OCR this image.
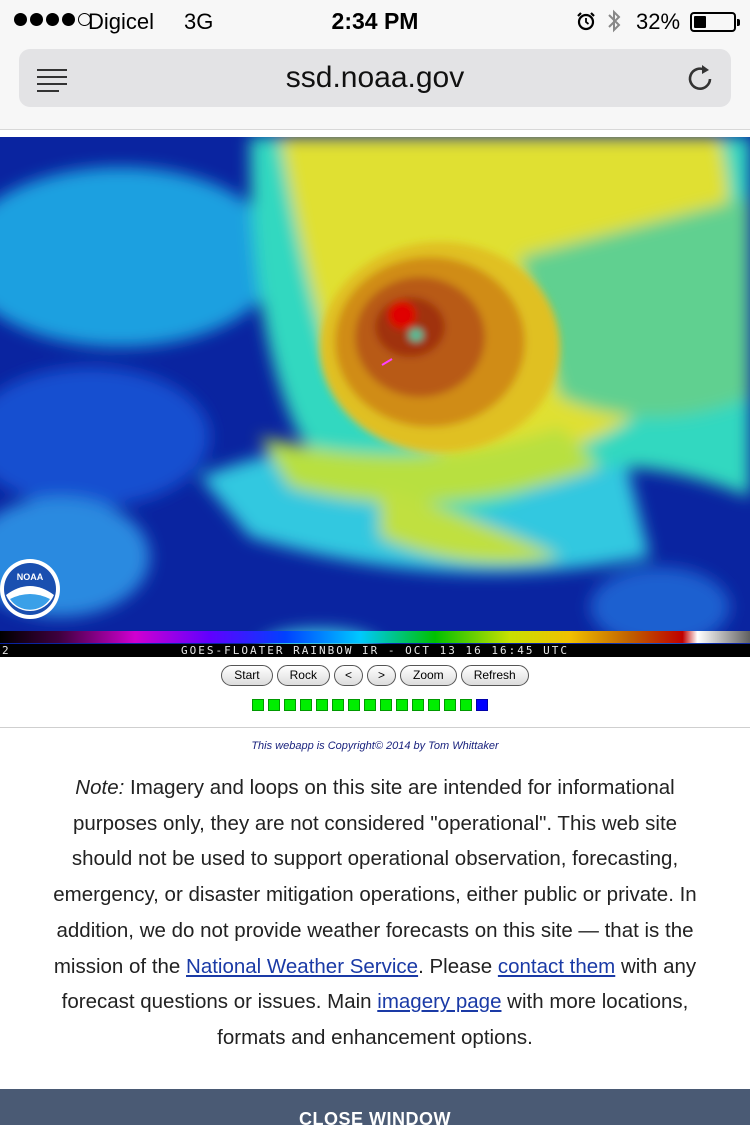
Digicel 3G	2:34 PM	32%
ssd.noaa.gov
NOAA
2	GOES-FLOATER RAINBOW IR - OCT 13 16 16:45 UTC
Start	Rock	<	>	Zoom	Refresh
This webapp is Copyright© 2014 by Tom Whittaker
Note: Imagery and loops on this site are intended for informational purposes only, they are not considered "operational". This web site should not be used to support operational observation, forecasting, emergency, or disaster mitigation operations, either public or private. In addition, we do not provide weather forecasts on this site — that is the mission of the National Weather Service. Please contact them with any forecast questions or issues. Main imagery page with more locations, formats and enhancement options.
CLOSE WINDOW
